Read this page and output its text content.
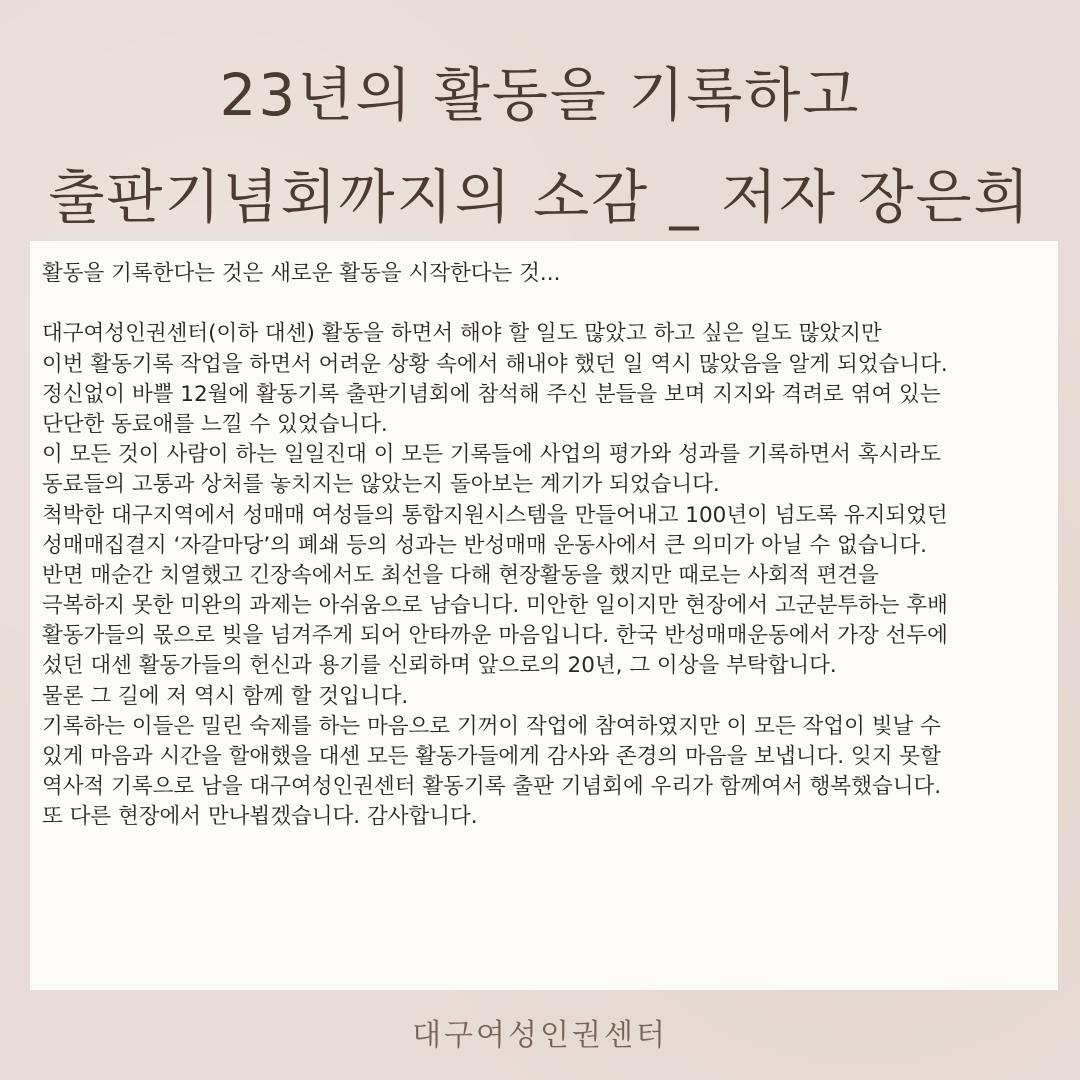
23년의 활동을 기록하고
출판기념회까지의 소감 _ 저자 장은희
활동을 기록한다는 것은 새로운 활동을 시작한다는 것...

대구여성인권센터(이하 대센) 활동을 하면서 해야 할 일도 많았고 하고 싶은 일도 많았지만
이번 활동기록 작업을 하면서 어려운 상황 속에서 해내야 했던 일 역시 많았음을 알게 되었습니다.
정신없이 바쁠 12월에 활동기록 출판기념회에 참석해 주신 분들을 보며 지지와 격려로 엮여 있는
단단한 동료애를 느낄 수 있었습니다.
이 모든 것이 사람이 하는 일일진대 이 모든 기록들에 사업의 평가와 성과를 기록하면서 혹시라도
동료들의 고통과 상처를 놓치지는 않았는지 돌아보는 계기가 되었습니다.
척박한 대구지역에서 성매매 여성들의 통합지원시스템을 만들어내고 100년이 넘도록 유지되었던
성매매집결지 ‘자갈마당’의 폐쇄 등의 성과는 반성매매 운동사에서 큰 의미가 아닐 수 없습니다.
반면 매순간 치열했고 긴장속에서도 최선을 다해 현장활동을 했지만 때로는 사회적 편견을
극복하지 못한 미완의 과제는 아쉬움으로 남습니다. 미안한 일이지만 현장에서 고군분투하는 후배
활동가들의 몫으로 빚을 넘겨주게 되어 안타까운 마음입니다. 한국 반성매매운동에서 가장 선두에
섰던 대센 활동가들의 헌신과 용기를 신뢰하며 앞으로의 20년, 그 이상을 부탁합니다.
물론 그 길에 저 역시 함께 할 것입니다.
기록하는 이들은 밀린 숙제를 하는 마음으로 기꺼이 작업에 참여하였지만 이 모든 작업이 빛날 수
있게 마음과 시간을 할애했을 대센 모든 활동가들에게 감사와 존경의 마음을 보냅니다. 잊지 못할
역사적 기록으로 남을 대구여성인권센터 활동기록 출판 기념회에 우리가 함께여서 행복했습니다.
또 다른 현장에서 만나뵙겠습니다. 감사합니다.
대구여성인권센터
